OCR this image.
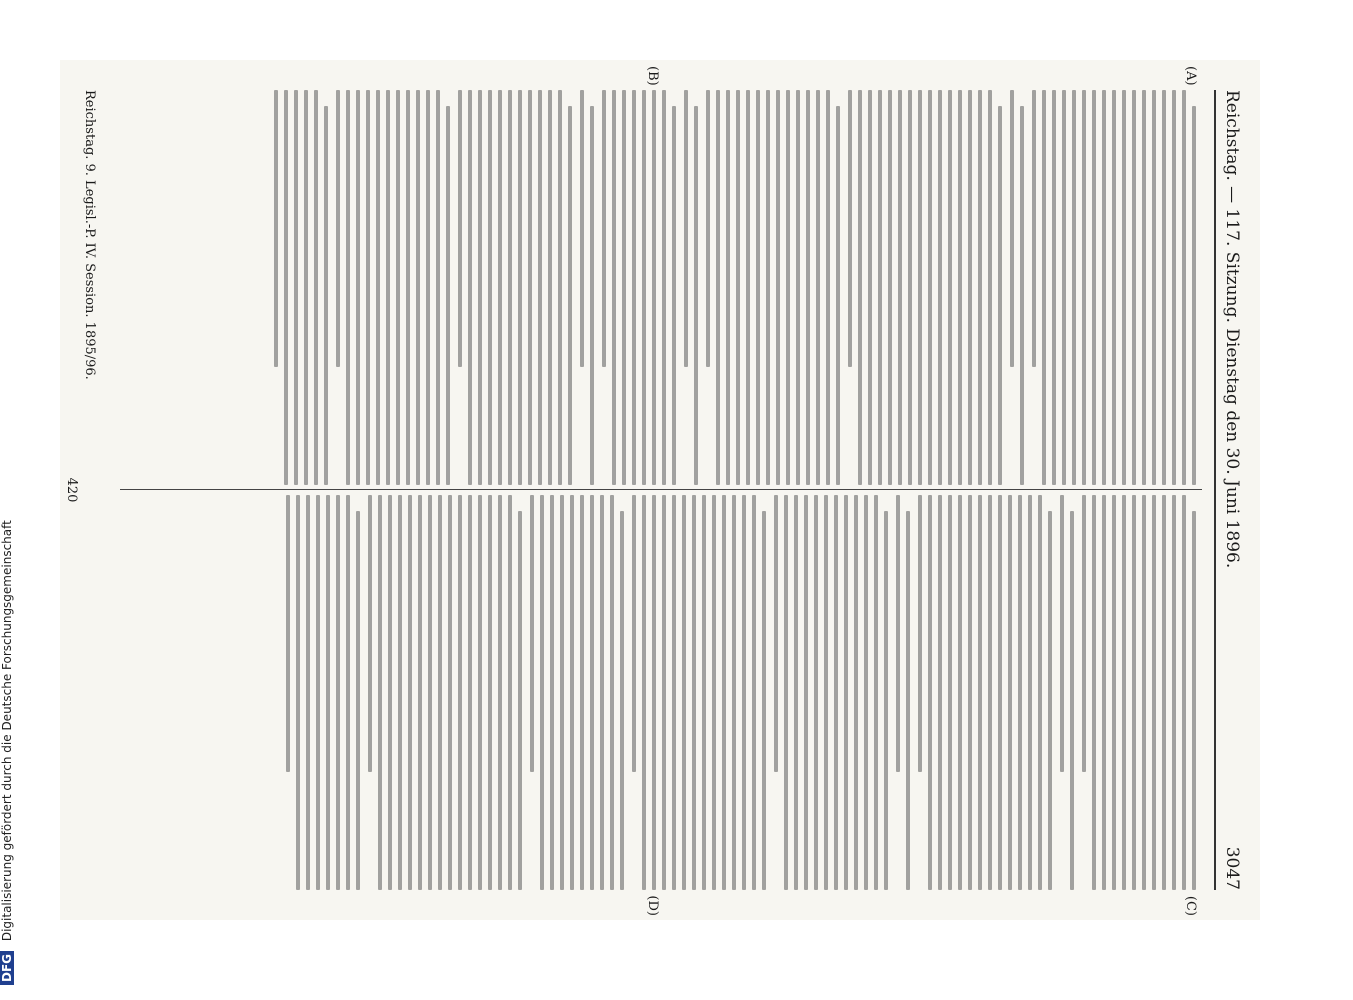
DFG Digitalisierung gefördert durch die Deutsche Forschungsgemeinschaft
Reichstag. — 117. Sitzung. Dienstag den 30. Juni 1896.
3047
(A)
(B)
(C)
(D)
Reichstag. 9. Legisl.-P. IV. Session. 1895/96.
420
